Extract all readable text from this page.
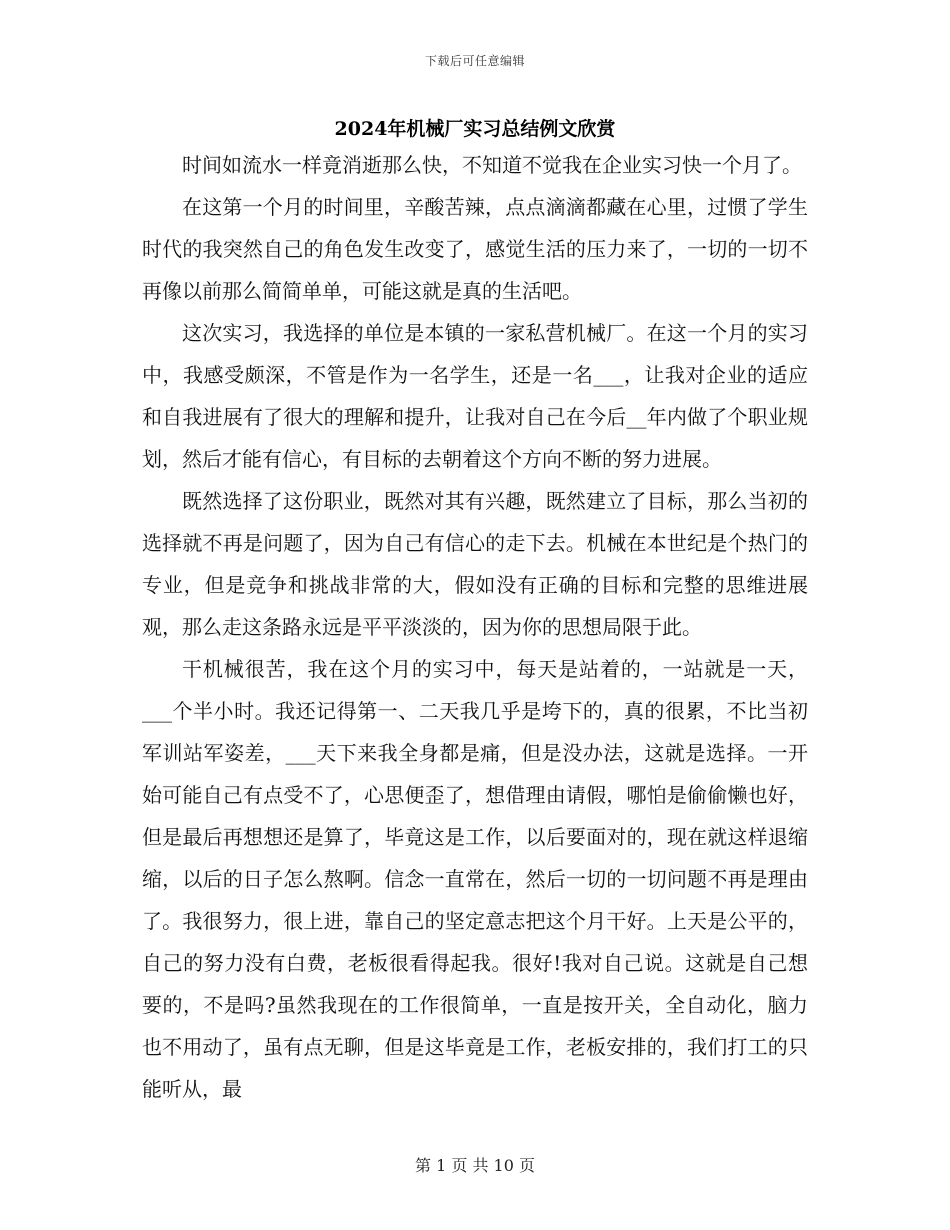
下载后可任意编辑
2024年机械厂实习总结例文欣赏

时间如流水一样竟消逝那么快，不知道不觉我在企业实习快一个月了。

在这第一个月的时间里，辛酸苦辣，点点滴滴都藏在心里，过惯了学生时代的我突然自己的角色发生改变了，感觉生活的压力来了，一切的一切不再像以前那么简简单单，可能这就是真的生活吧。

这次实习，我选择的单位是本镇的一家私营机械厂。在这一个月的实习中，我感受颇深，不管是作为一名学生，还是一名___，让我对企业的适应和自我进展有了很大的理解和提升，让我对自己在今后__年内做了个职业规划，然后才能有信心，有目标的去朝着这个方向不断的努力进展。

既然选择了这份职业，既然对其有兴趣，既然建立了目标，那么当初的选择就不再是问题了，因为自己有信心的走下去。机械在本世纪是个热门的专业，但是竞争和挑战非常的大，假如没有正确的目标和完整的思维进展观，那么走这条路永远是平平淡淡的，因为你的思想局限于此。

干机械很苦，我在这个月的实习中，每天是站着的，一站就是一天，___个半小时。我还记得第一、二天我几乎是垮下的，真的很累，不比当初军训站军姿差，___天下来我全身都是痛，但是没办法，这就是选择。一开始可能自己有点受不了，心思便歪了，想借理由请假，哪怕是偷偷懒也好，但是最后再想想还是算了，毕竟这是工作，以后要面对的，现在就这样退缩缩，以后的日子怎么熬啊。信念一直常在，然后一切的一切问题不再是理由了。我很努力，很上进，靠自己的坚定意志把这个月干好。上天是公平的，自己的努力没有白费，老板很看得起我。很好!我对自己说。这就是自己想要的，不是吗?虽然我现在的工作很简单，一直是按开关，全自动化，脑力也不用动了，虽有点无聊，但是这毕竟是工作，老板安排的，我们打工的只能听从，最

第 1 页 共 10 页
